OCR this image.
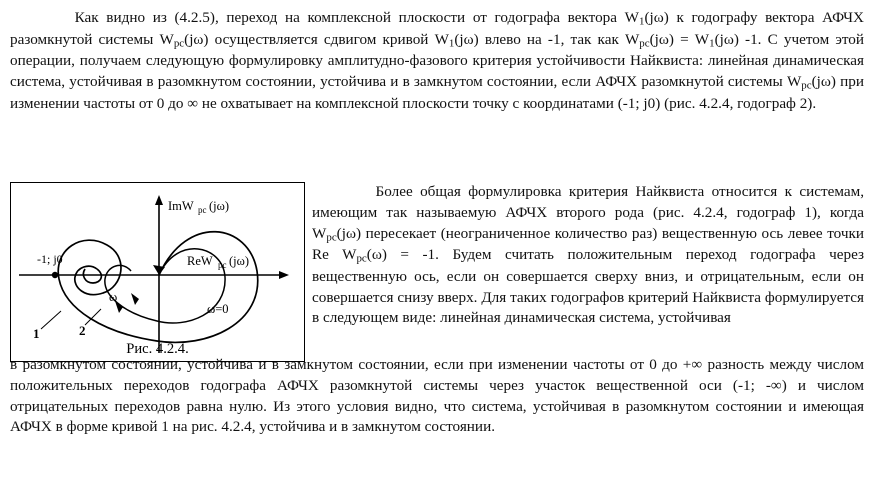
Как видно из (4.2.5), переход на комплексной плоскости от годографа вектора $W_1(j\omega)$ к годографу вектора АФЧХ разомкнутой системы $W_{рс}(j\omega)$ осуществляется сдвигом кривой $W_1(j\omega)$ влево на -1, так как $W_{рс}(j\omega) = W_1(j\omega)$ -1. С учетом этой операции, получаем следующую формулировку амплитудно-фазового критерия устойчивости Найквиста: линейная динамическая система, устойчивая в разомкнутом состоянии, устойчива и в замкнутом состоянии, если АФЧХ разомкнутой системы $W_{рс}(j\omega)$ при изменении частоты от 0 до ∞ не охватывает на комплексной плоскости точку с координатами (-1; j0) (рис. 4.2.4, годограф 2).

ImW рс (jω)
ReW рс (jω)
-1; j0
1	2
ω
ω=0
Рис. 4.2.4.

Более общая формулировка критерия Найквиста относится к системам, имеющим так называемую АФЧХ второго рода (рис. 4.2.4, годограф 1), когда $W_{рс}(j\omega)$ пересекает (неограниченное количество раз) вещественную ось левее точки Re $W_{рс}(\omega) = -1$. Будем считать положительным переход годографа через вещественную ось, если он совершается сверху вниз, и отрицательным, если он совершается снизу вверх. Для таких годографов критерий Найквиста формулируется в следующем виде: линейная динамическая система, устойчивая

в разомкнутом состоянии, устойчива и в замкнутом состоянии, если при изменении частоты от 0 до +∞ разность между числом положительных переходов годографа АФЧХ разомкнутой системы через участок вещественной оси (-1; -∞) и числом отрицательных переходов равна нулю. Из этого условия видно, что система, устойчивая в разомкнутом состоянии и имеющая АФЧХ в форме кривой 1 на рис. 4.2.4, устойчива и в замкнутом состоянии.
